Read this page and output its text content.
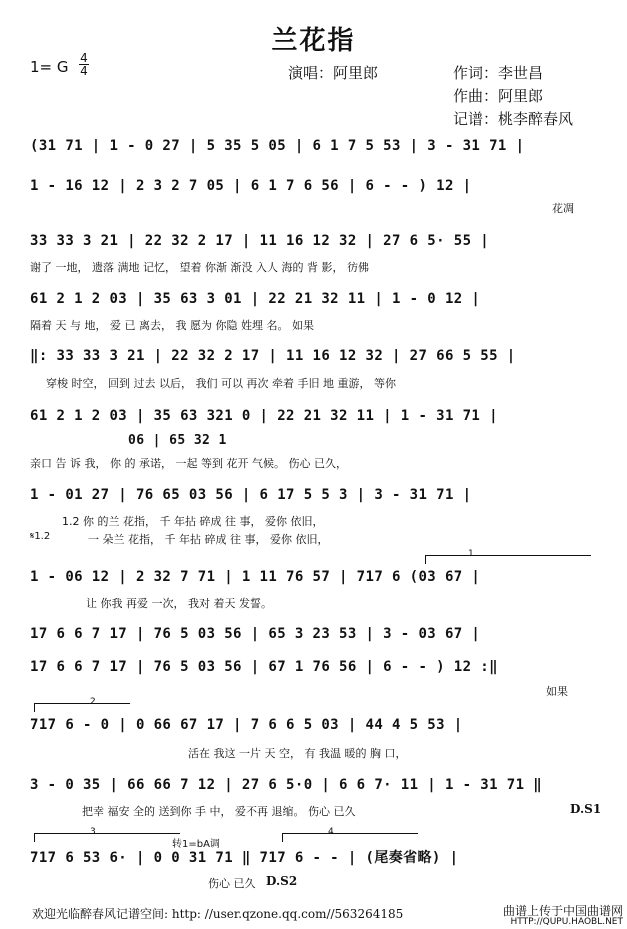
兰花指
1= G 4
4	演唱：阿里郎	作词：李世昌
作曲：阿里郎
记谱：桃李醉春风
(31 71 | 1 - 0 27 | 5 35 5 05 | 6 1 7 5 53 | 3 - 31 71 |
1 - 16 12 | 2 3 2 7 05 | 6 1 7 6 56 | 6 - - ) 12 |
花凋
33 33 3 21 | 22 32 2 17 | 11 16 12 32 | 27 6 5· 55 |
谢了 一地， 遗落 满地 记忆， 望着 你渐 渐没 入人 海的 背 影， 彷佛
61 2 1 2 03 | 35 63 3 01 | 22 21 32 11 | 1 - 0 12 |
隔着 天 与 地， 爱 已 离去， 我 愿为 你隐 姓埋 名。 如果
‖: 33 33 3 21 | 22 32 2 17 | 11 16 12 32 | 27 66 5 55 |
穿梭 时空， 回到 过去 以后， 我们 可以 再次 牵着 手旧 地 重游， 等你
61 2 1 2 03 | 35 63 321 0 | 22 21 32 11 | 1 - 31 71 |
06 | 65 32 1
亲口 告 诉 我， 你 的 承诺， 一起 等到 花开 气候。 伤心 已久，
1 - 01 27 | 76 65 03 56 | 6 17 5 5 3 | 3 - 31 71 |
1.2 你 的兰 花指， 千 年拈 碎成 往 事， 爱你 依旧，
𝄋1.2	一 朵兰 花指， 千 年拈 碎成 往 事， 爱你 依旧，
1
1 - 06 12 | 2 32 7 71 | 1 11 76 57 | 717 6 (03 67 |
让 你我 再爱 一次， 我对 着天 发誓。
17 6 6 7 17 | 76 5 03 56 | 65 3 23 53 | 3 - 03 67 |
17 6 6 7 17 | 76 5 03 56 | 67 1 76 56 | 6 - - ) 12 :‖
如果
2
717 6 - 0 | 0 66 67 17 | 7 6 6 5 03 | 44 4 5 53 |
活在 我这 一片 天 空， 有 我温 暖的 胸 口，
3 - 0 35 | 66 66 7 12 | 27 6 5·0 | 6 6 7· 11 | 1 - 31 71 ‖
把幸 福安 全的 送到你 手 中， 爱不再 退缩。 伤心 已久	D.S1
3
转1=bA调
4
717 6 53 6· | 0 0 31 71 ‖ 717 6 - - | (尾奏省略) |
伤心 已久 D.S2
欢迎光临醉春风记谱空间: http: //user.qzone.qq.com//563264185	曲谱上传于中国曲谱网
HTTP://QUPU.HAOBL.NET
